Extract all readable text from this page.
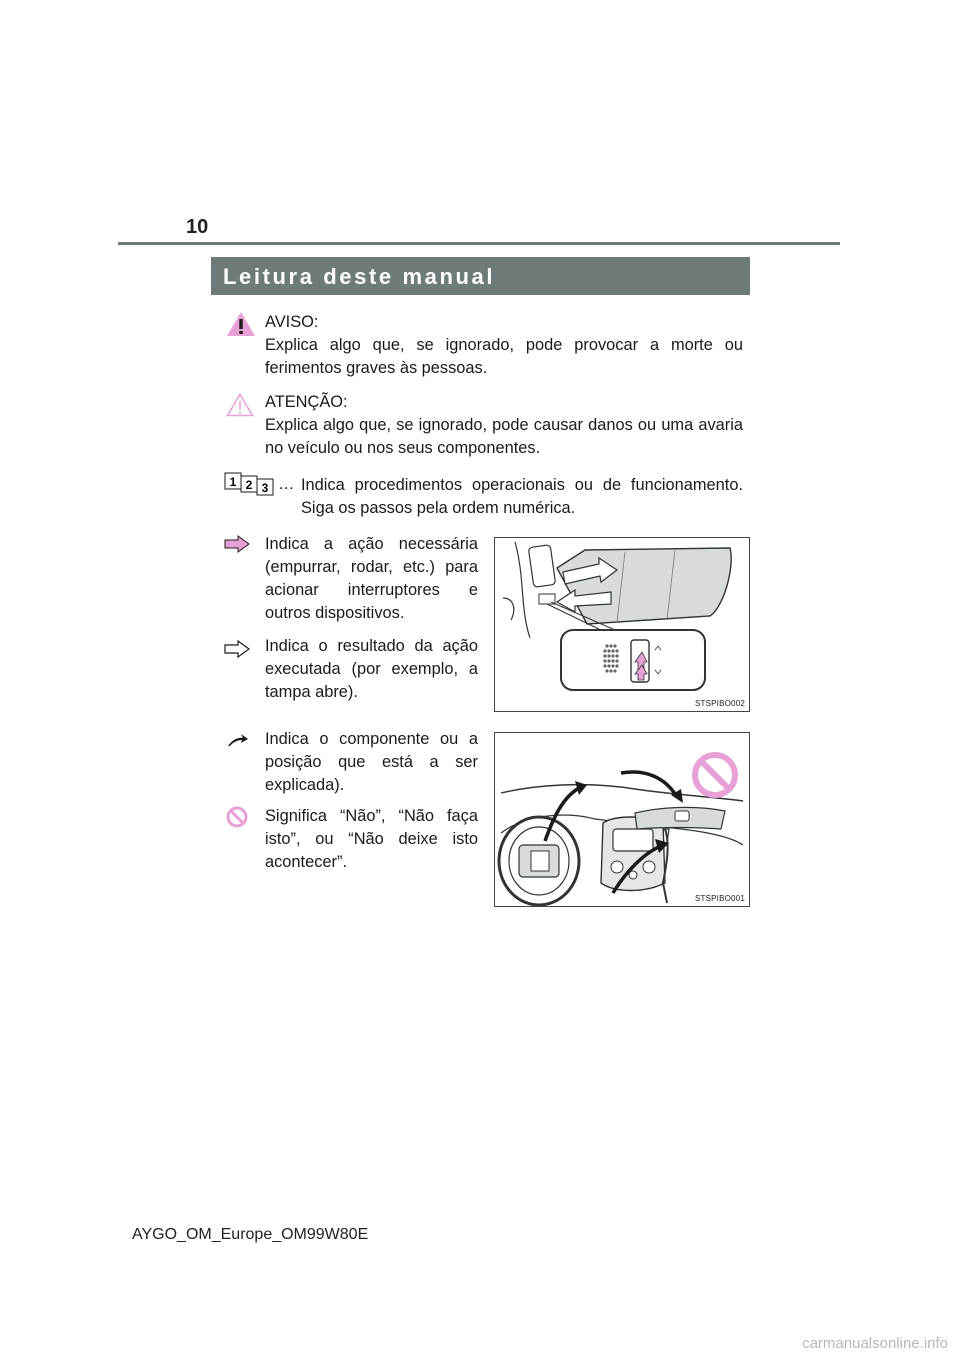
10
Leitura deste manual
AVISO:
Explica algo que, se ignorado, pode provocar a morte ou ferimentos graves às pessoas.
ATENÇÃO:
Explica algo que, se ignorado, pode causar danos ou uma avaria no veículo ou nos seus componentes.
1 2 3 … Indica procedimentos operacionais ou de funcionamento. Siga os passos pela ordem numérica.
Indica a ação necessária (empurrar, rodar, etc.) para acionar interruptores e outros dispositivos.
Indica o resultado da ação executada (por exemplo, a tampa abre).
STSPIBO002
Indica o componente ou a posição que está a ser explicada).
Significa “Não”, “Não faça isto”, ou “Não deixe isto acontecer”.
STSPIBO001
AYGO_OM_Europe_OM99W80E
carmanualsonline.info
